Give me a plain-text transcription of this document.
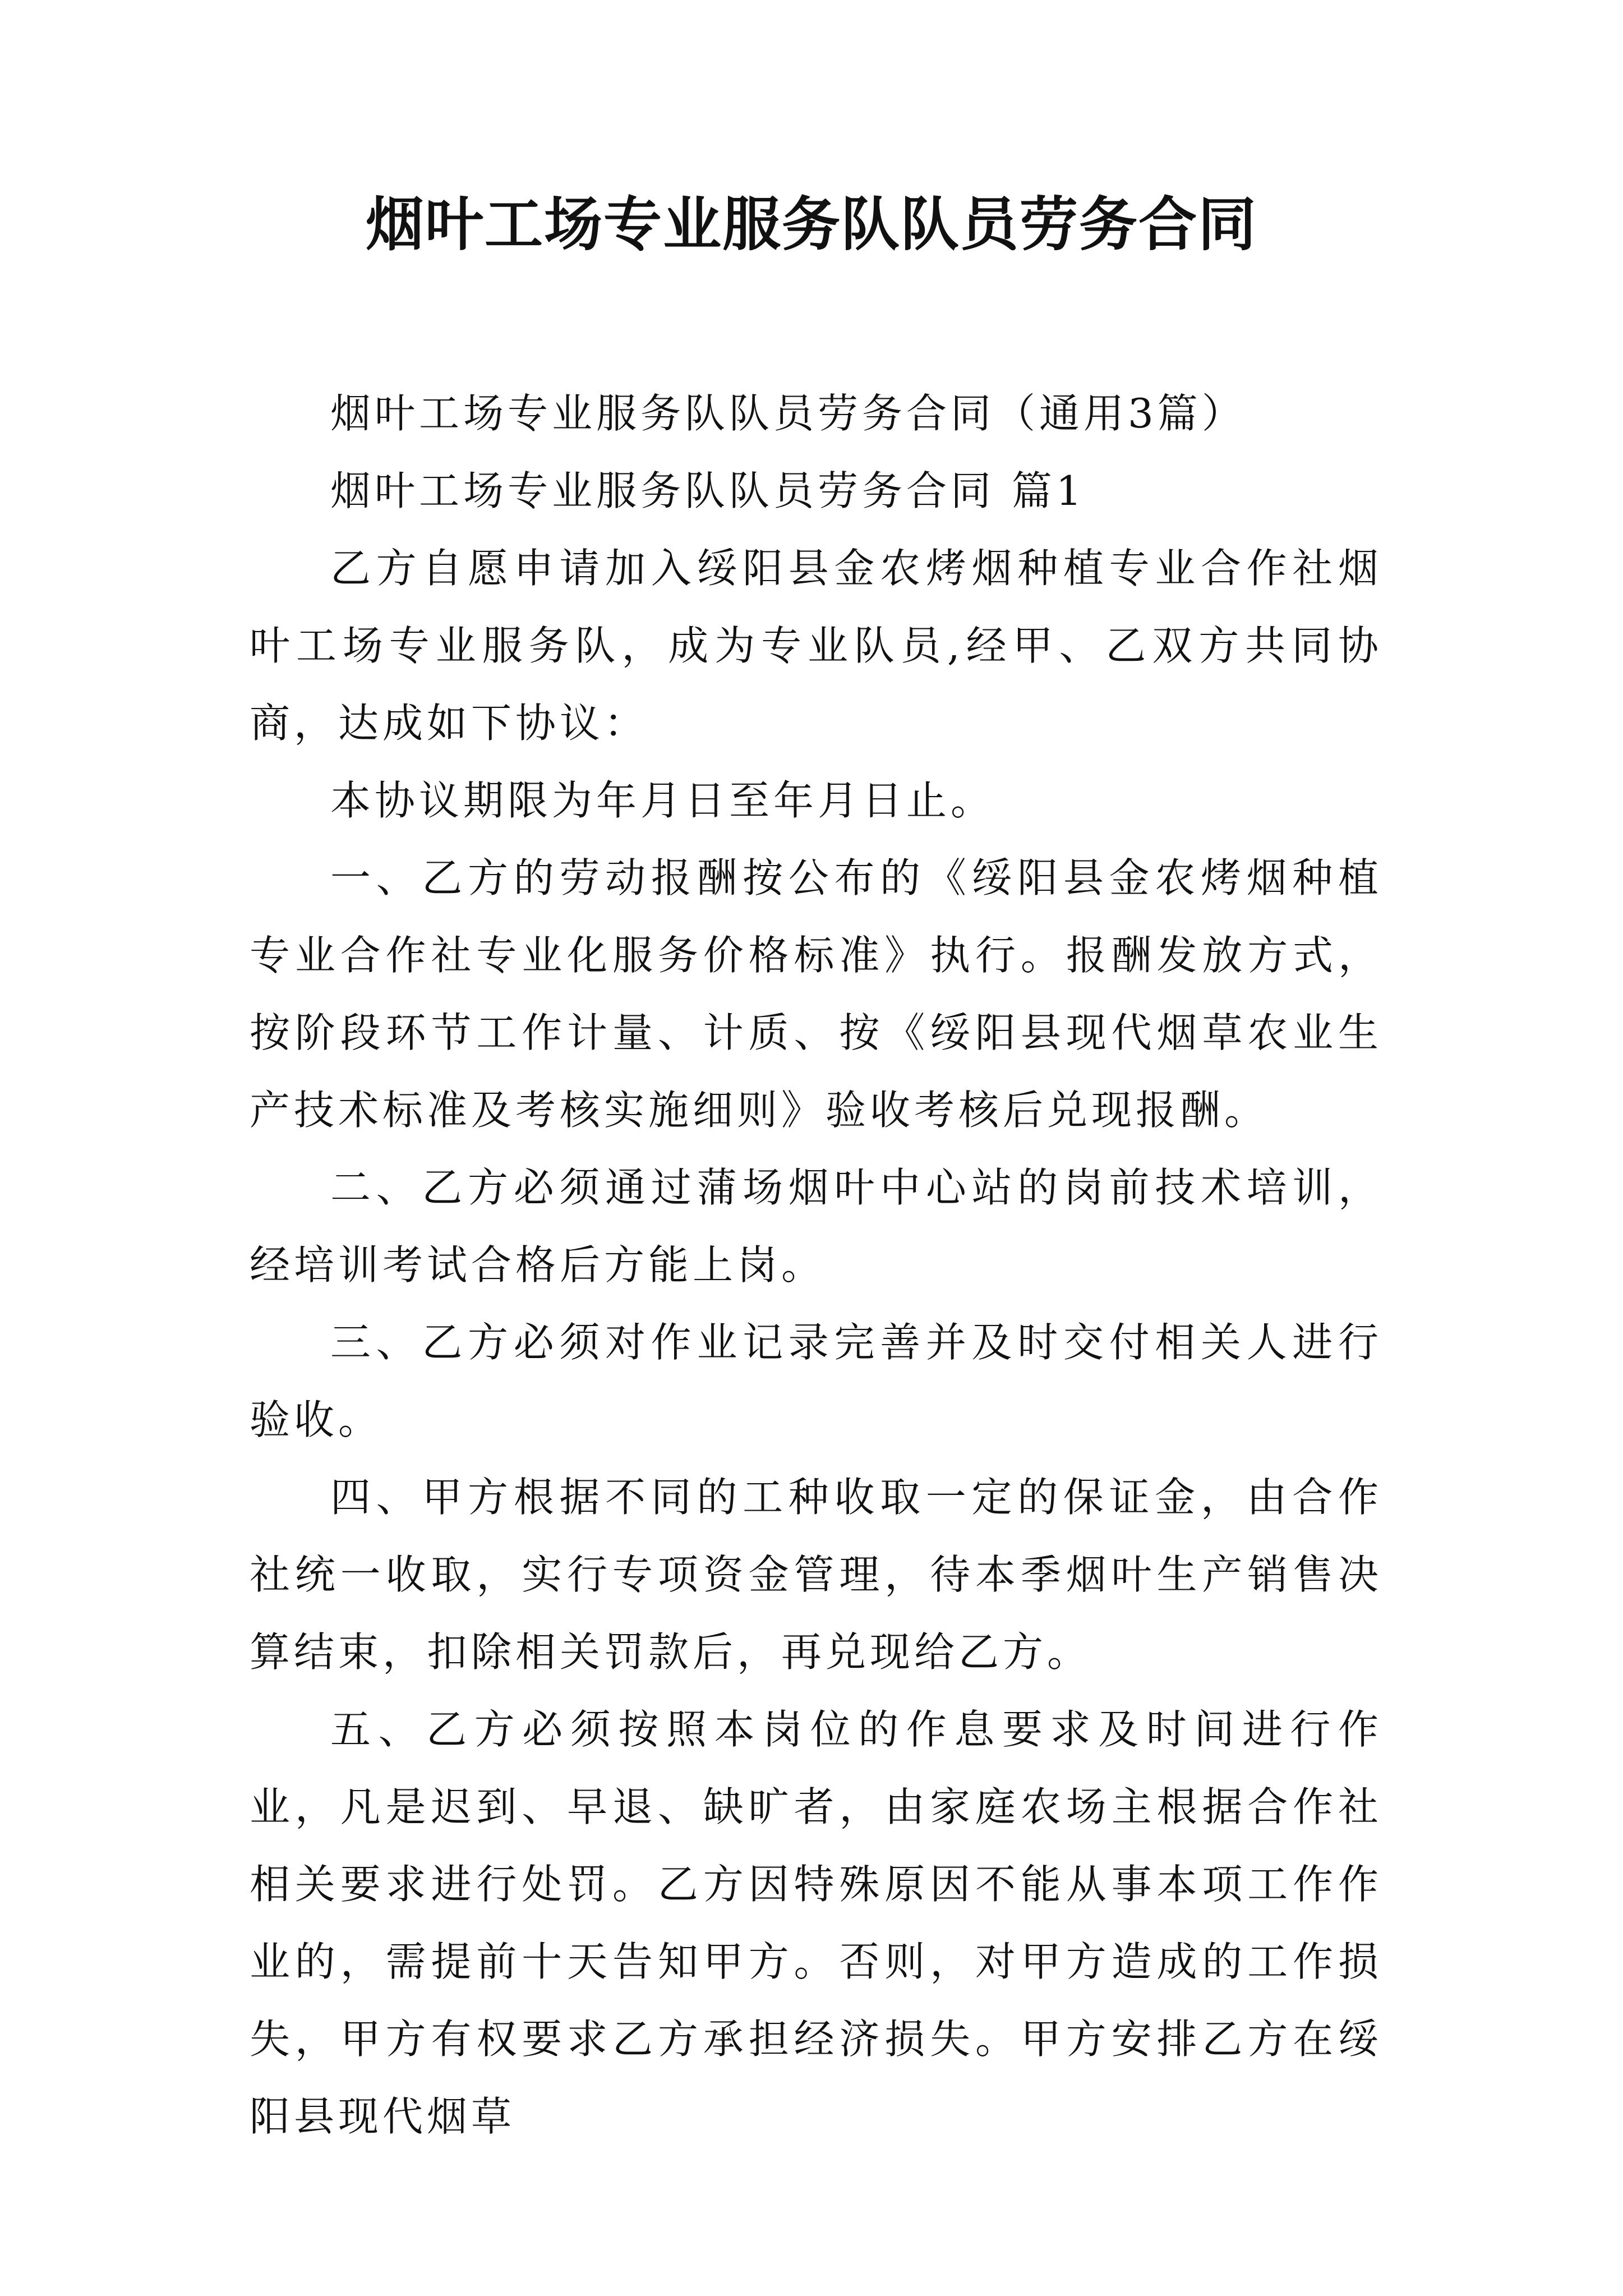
烟叶工场专业服务队队员劳务合同

烟叶工场专业服务队队员劳务合同（通用3篇）

烟叶工场专业服务队队员劳务合同 篇1

乙方自愿申请加入绥阳县金农烤烟种植专业合作社烟叶工场专业服务队，成为专业队员,经甲、乙双方共同协商，达成如下协议：

本协议期限为年月日至年月日止。

一、乙方的劳动报酬按公布的《绥阳县金农烤烟种植专业合作社专业化服务价格标准》执行。报酬发放方式，按阶段环节工作计量、计质、按《绥阳县现代烟草农业生产技术标准及考核实施细则》验收考核后兑现报酬。

二、乙方必须通过蒲场烟叶中心站的岗前技术培训，经培训考试合格后方能上岗。

三、乙方必须对作业记录完善并及时交付相关人进行验收。

四、甲方根据不同的工种收取一定的保证金，由合作社统一收取，实行专项资金管理，待本季烟叶生产销售决算结束，扣除相关罚款后，再兑现给乙方。

五、乙方必须按照本岗位的作息要求及时间进行作业，凡是迟到、早退、缺旷者，由家庭农场主根据合作社相关要求进行处罚。乙方因特殊原因不能从事本项工作作业的，需提前十天告知甲方。否则，对甲方造成的工作损失，甲方有权要求乙方承担经济损失。甲方安排乙方在绥阳县现代烟草
